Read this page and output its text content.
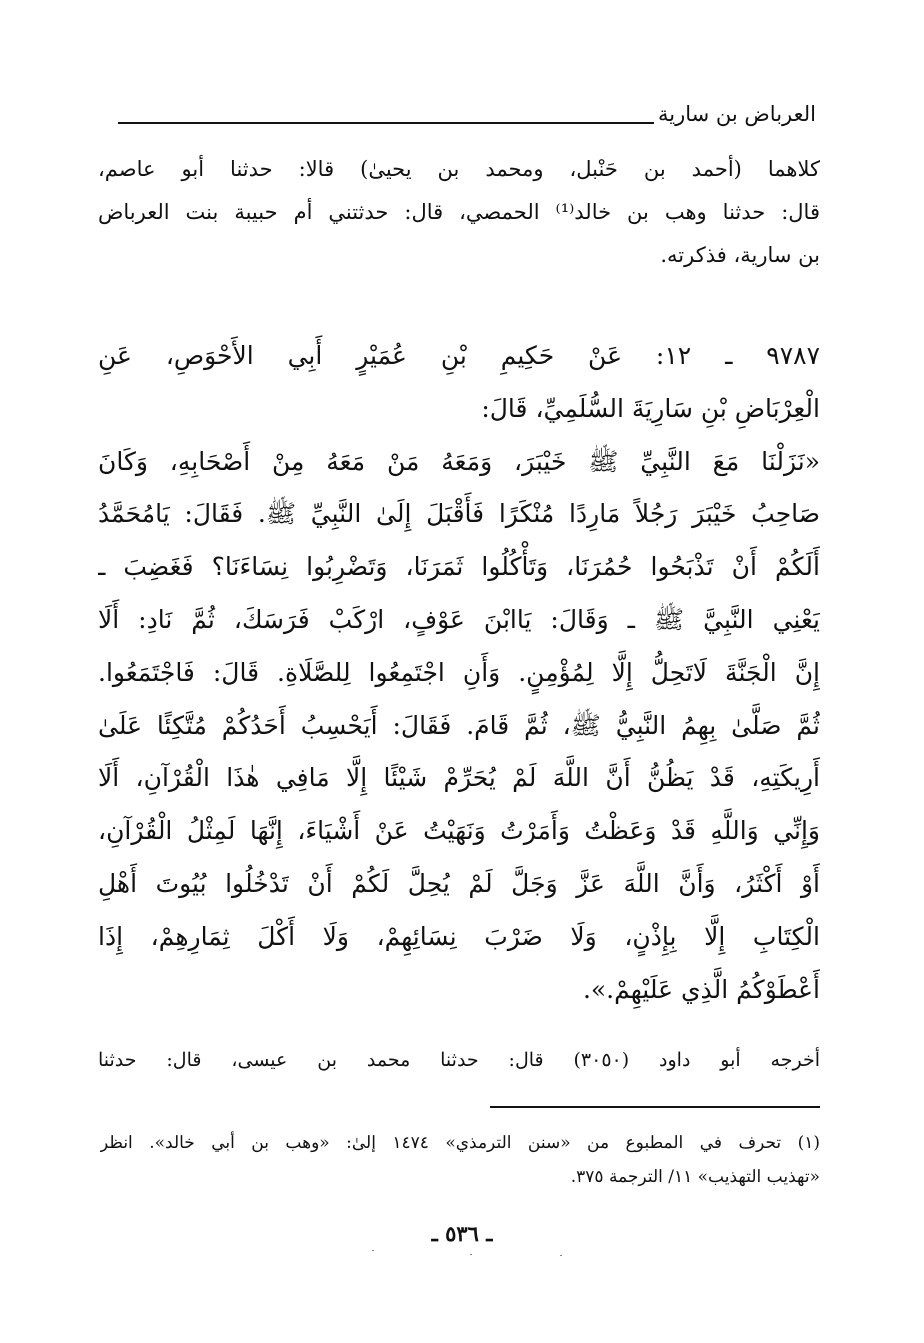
العرباض بن سارية
كلاهما (أحمد بن حَنْبل، ومحمد بن يحيىٰ) قالا: حدثنا أبو عاصم،
قال: حدثنا وهب بن خالد⁽¹⁾ الحمصي، قال: حدثتني أم حبيبة بنت العرباض
بن سارية، فذكرته.
٩٧٨٧ ـ ١٢: عَنْ حَكِيمِ بْنِ عُمَيْرٍ أَبِي الأَحْوَصِ، عَنِ
الْعِرْبَاضِ بْنِ سَارِيَةَ السُّلَمِيِّ، قَالَ:
«نَزَلْنَا مَعَ النَّبِيِّ ﷺ خَيْبَرَ، وَمَعَهُ مَنْ مَعَهُ مِنْ أَصْحَابِهِ، وَكَانَ
صَاحِبُ خَيْبَرَ رَجُلاً مَارِدًا مُنْكَرًا فَأَقْبَلَ إِلَىٰ النَّبِيِّ ﷺ. فَقَالَ: يَامُحَمَّدُ
أَلَكُمْ أَنْ تَذْبَحُوا حُمُرَنَا، وَتَأْكُلُوا ثَمَرَنَا، وَتَضْرِبُوا نِسَاءَنَا؟ فَغَضِبَ ـ
يَعْنِي النَّبِيَّ ﷺ ـ وَقَالَ: يَاابْنَ عَوْفٍ، ارْكَبْ فَرَسَكَ، ثُمَّ نَادِ: أَلَا
إِنَّ الْجَنَّةَ لَاتَحِلُّ إِلَّا لِمُؤْمِنٍ. وَأَنِ اجْتَمِعُوا لِلصَّلَاةِ. قَالَ: فَاجْتَمَعُوا.
ثُمَّ صَلَّىٰ بِهِمُ النَّبِيُّ ﷺ، ثُمَّ قَامَ. فَقَالَ: أَيَحْسِبُ أَحَدُكُمْ مُتَّكِئًا عَلَىٰ
أَرِيكَتِهِ، قَدْ يَظُنُّ أَنَّ اللَّهَ لَمْ يُحَرِّمْ شَيْئًا إِلَّا مَافِي هٰذَا الْقُرْآنِ، أَلَا
وَإِنِّي وَاللَّهِ قَدْ وَعَظْتُ وَأَمَرْتُ وَنَهَيْتُ عَنْ أَشْيَاءَ، إِنَّهَا لَمِثْلُ الْقُرْآنِ،
أَوْ أَكْثَرُ، وَأَنَّ اللَّهَ عَزَّ وَجَلَّ لَمْ يُحِلَّ لَكُمْ أَنْ تَدْخُلُوا بُيُوتَ أَهْلِ
الْكِتَابِ إِلَّا بِإِذْنٍ، وَلَا ضَرْبَ نِسَائِهِمْ، وَلَا أَكْلَ ثِمَارِهِمْ، إِذَا
أَعْطَوْكُمُ الَّذِي عَلَيْهِمْ.».
أخرجه أبو داود (٣٠٥٠) قال: حدثنا محمد بن عيسى، قال: حدثنا
(١) تحرف في المطبوع من «سنن الترمذي» ١٤٧٤ إلىٰ: «وهب بن أبي خالد». انظر
«تهذيب التهذيب» ١١/ الترجمة ٣٧٥.
ـ ٥٣٦ ـ
